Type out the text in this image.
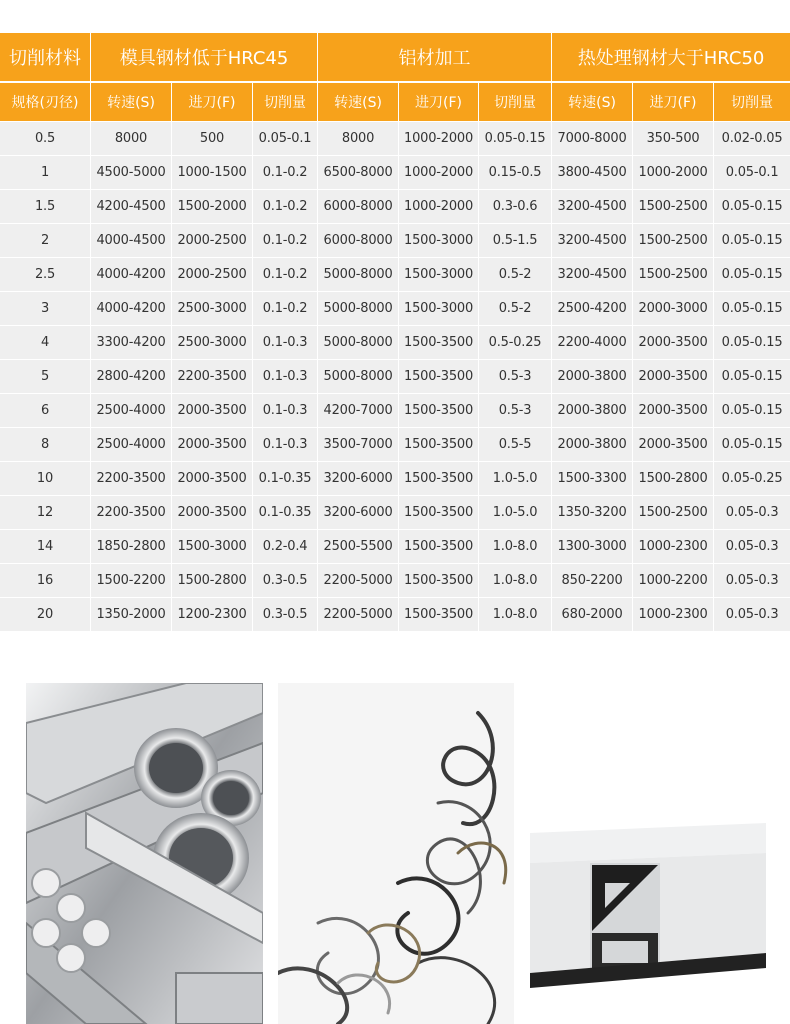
切削材料	模具钢材低于HRC45			铝材加工			热处理钢材大于HRC50		
规格(刃径)	转速(S)	进刀(F)	切削量	转速(S)	进刀(F)	切削量	转速(S)	进刀(F)	切削量
0.5	8000	500	0.05-0.1	8000	1000-2000	0.05-0.15	7000-8000	350-500	0.02-0.05
1	4500-5000	1000-1500	0.1-0.2	6500-8000	1000-2000	0.15-0.5	3800-4500	1000-2000	0.05-0.1
1.5	4200-4500	1500-2000	0.1-0.2	6000-8000	1000-2000	0.3-0.6	3200-4500	1500-2500	0.05-0.15
2	4000-4500	2000-2500	0.1-0.2	6000-8000	1500-3000	0.5-1.5	3200-4500	1500-2500	0.05-0.15
2.5	4000-4200	2000-2500	0.1-0.2	5000-8000	1500-3000	0.5-2	3200-4500	1500-2500	0.05-0.15
3	4000-4200	2500-3000	0.1-0.2	5000-8000	1500-3000	0.5-2	2500-4200	2000-3000	0.05-0.15
4	3300-4200	2500-3000	0.1-0.3	5000-8000	1500-3500	0.5-0.25	2200-4000	2000-3500	0.05-0.15
5	2800-4200	2200-3500	0.1-0.3	5000-8000	1500-3500	0.5-3	2000-3800	2000-3500	0.05-0.15
6	2500-4000	2000-3500	0.1-0.3	4200-7000	1500-3500	0.5-3	2000-3800	2000-3500	0.05-0.15
8	2500-4000	2000-3500	0.1-0.3	3500-7000	1500-3500	0.5-5	2000-3800	2000-3500	0.05-0.15
10	2200-3500	2000-3500	0.1-0.35	3200-6000	1500-3500	1.0-5.0	1500-3300	1500-2800	0.05-0.25
12	2200-3500	2000-3500	0.1-0.35	3200-6000	1500-3500	1.0-5.0	1350-3200	1500-2500	0.05-0.3
14	1850-2800	1500-3000	0.2-0.4	2500-5500	1500-3500	1.0-8.0	1300-3000	1000-2300	0.05-0.3
16	1500-2200	1500-2800	0.3-0.5	2200-5000	1500-3500	1.0-8.0	850-2200	1000-2200	0.05-0.3
20	1350-2000	1200-2300	0.3-0.5	2200-5000	1500-3500	1.0-8.0	680-2000	1000-2300	0.05-0.3
